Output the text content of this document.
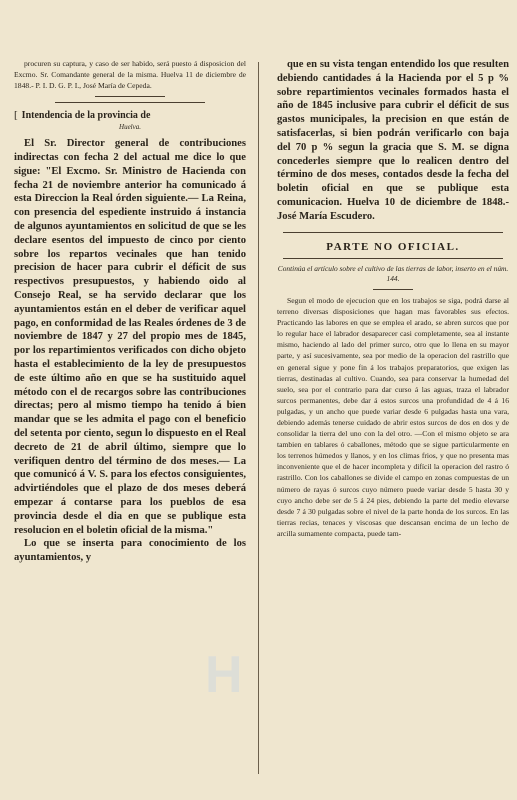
procuren su captura, y caso de ser habido, será puesto á disposicion del Excmo. Sr. Comandante general de la misma. Huelva 11 de diciembre de 1848.- P. I. D. G. P. I., José María de Cepeda.

[ Intendencia de la provincia de
Huelva.

El Sr. Director general de contribuciones indirectas con fecha 2 del actual me dice lo que sigue: "El Excmo. Sr. Ministro de Hacienda con fecha 21 de noviembre anterior ha comunicado á esta Direccion la Real órden siguiente.— La Reina, con presencia del espediente instruido á instancia de algunos ayuntamientos en solicitud de que se les declare esentos del impuesto de cinco por ciento sobre los repartos vecinales que han tenido precision de hacer para cubrir el déficit de sus respectivos presupuestos, y habiendo oido al Consejo Real, se ha servido declarar que los ayuntamientos están en el deber de verificar aquel pago, en conformidad de las Reales órdenes de 3 de noviembre de 1847 y 27 del propio mes de 1845, por los repartimientos verificados con dicho objeto hasta el establecimiento de la ley de presupuestos de este último año en que se ha sustituido aquel método con el de recargos sobre las contribuciones directas; pero al mismo tiempo ha tenido á bien mandar que se les admita el pago con el beneficio del setenta por ciento, segun lo dispuesto en el Real decreto de 21 de abril último, siempre que lo verifiquen dentro del término de dos meses.— La que comunicó á V. S. para los efectos consiguientes, advirtiéndoles que el plazo de dos meses deberá empezar á contarse para los pueblos de esa provincia desde el dia en que se publique esta resolucion en el boletin oficial de la misma."

Lo que se inserta para conocimiento de los ayuntamientos, y

que en su vista tengan entendido los que resulten debiendo cantidades á la Hacienda por el 5 p % sobre repartimientos vecinales formados hasta el año de 1845 inclusive para cubrir el déficit de sus gastos municipales, la precision en que están de satisfacerlas, si bien podrán verificarlo con baja del 70 p % segun la gracia que S. M. se digna concederles siempre que lo realicen dentro del término de dos meses, contados desde la fecha del boletin oficial en que se publique esta comunicacion. Huelva 10 de diciembre de 1848.- José María Escudero.

PARTE NO OFICIAL.

Continúa el artículo sobre el cultivo de las tierras de labor, inserto en el núm. 144.

Segun el modo de ejecucion que en los trabajos se siga, podrá darse al terreno diversas disposiciones que hagan mas favorables sus efectos. Practicando las labores en que se emplea el arado, se abren surcos que por lo regular hace el labrador desaparecer casi completamente, sea al instante mismo, haciendo al lado del primer surco, otro que lo llena en su mayor parte, y así sucesivamente, sea por medio de la operacion del rastrillo que en general sigue y pone fin á los trabajos preparatorios, que exigen las tierras, destinadas al cultivo. Cuando, sea para conservar la humedad del suelo, sea por el contrario para dar curso á las aguas, traza el labrador surcos permanentes, debe dar á estos surcos una profundidad de 4 á 16 pulgadas, y un ancho que puede variar desde 6 pulgadas hasta una vara, debiendo además tenerse cuidado de abrir estos surcos de dos en dos y de consolidar la tierra del uno con la del otro. —Con el mismo objeto se ara tambien en tablares ó caballones, método que se sigue particularmente en los terrenos húmedos y llanos, y en los climas frios, y que no presenta mas inconveniente que el de hacer incompleta y difícil la operacion del rastro ó rastrillo. Con los caballones se divide el campo en zonas compuestas de un número de rayas ó surcos cuyo número puede variar desde 5 hasta 30 y cuyo ancho debe ser de 5 á 24 pies, debiendo la parte del medio elevarse desde 7 á 30 pulgadas sobre el nivel de la parte honda de los surcos. En las tierras recias, tenaces y viscosas que descansan encima de un lecho de arcilla sumamente compacta, puede tam-

H
